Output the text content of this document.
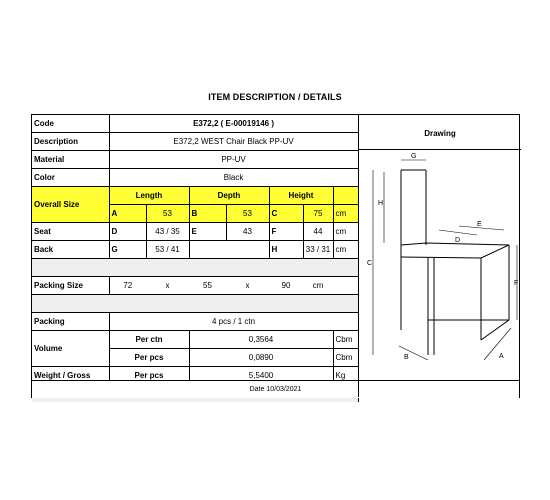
ITEM DESCRIPTION / DETAILS
Code	E372,2 ( E-00019146 )						
Description	E372,2 WEST Chair Black PP-UV						
Material	PP-UV						
Color	Black						
Overall Size	Length		Depth		Height		
	A	53	B	53	C	75	cm
Seat	D	43 / 35	E	43	F	44	cm
Back	G	53 / 41			H	33 / 31	cm

Packing Size	72	x	55	x	90	cm	

Packing	4 pcs / 1 ctn						
Volume	Per ctn		0,3564				Cbm
	Per pcs		0,0890				Cbm
Weight / Gross	Per pcs		5,5400				Kg

Date 10/03/2021
Drawing
G
H
C
D
E
F
B	A
